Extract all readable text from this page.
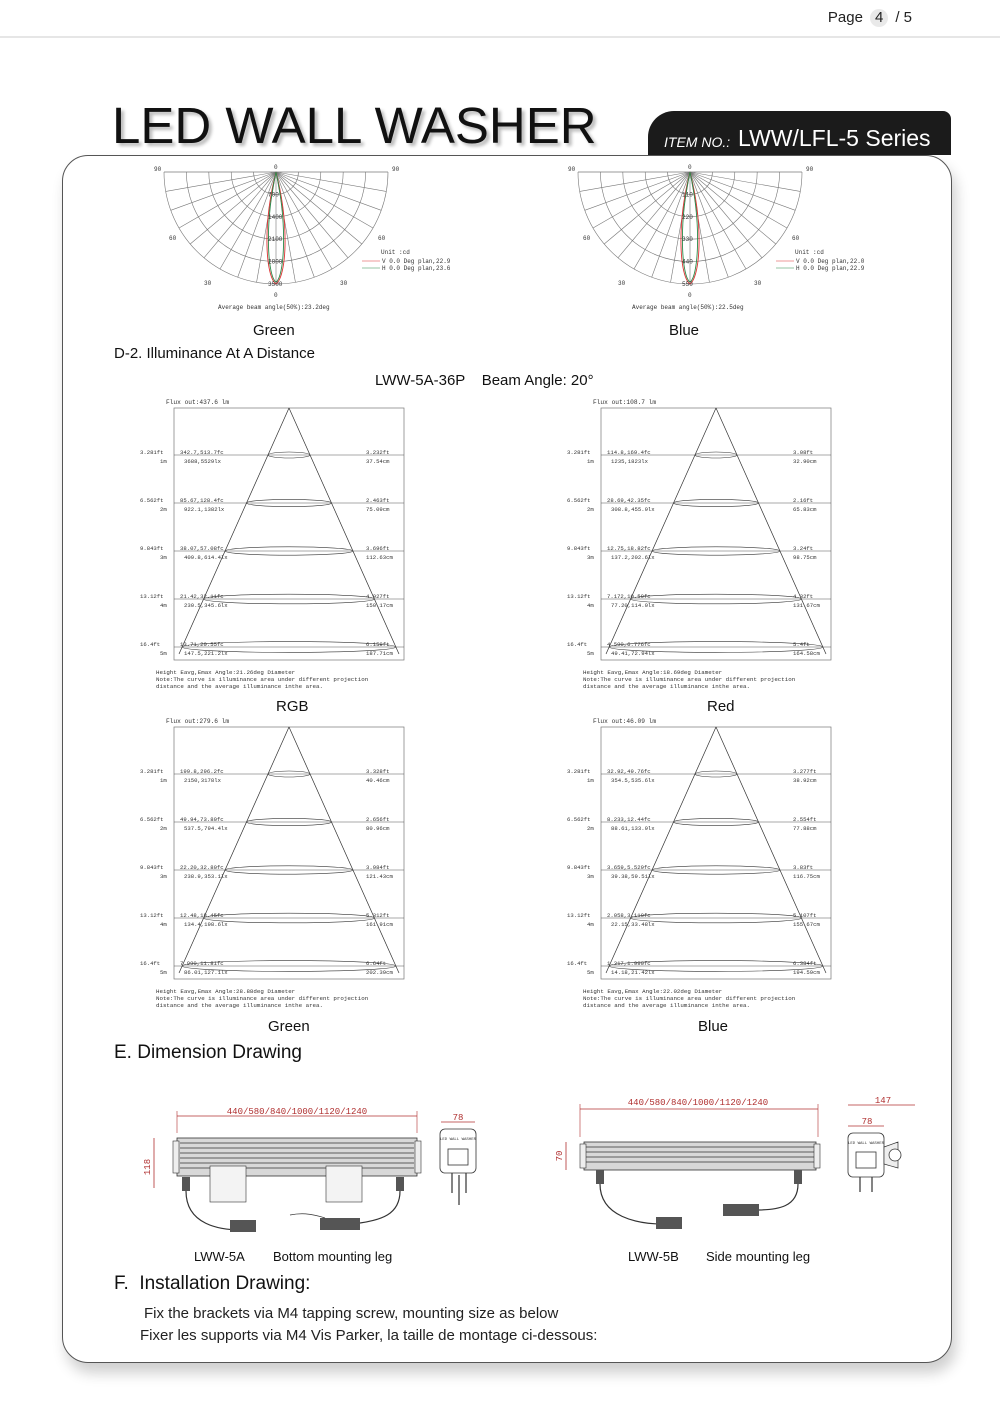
Page 4 / 5
LED WALL WASHER	ITEM NO.: LWW/LFL-5 Series
0
90	90
60	60
30	30
700
1400
2100
2800
3500
0
Unit :cd
V 0.0 Deg plan,22.9
H 0.0 Deg plan,23.6
Average beam angle(50%):23.2deg
0
90	90
60	60
30	30
110
220
330
440
550
0
Unit :cd
V 0.0 Deg plan,22.0
H 0.0 Deg plan,22.9
Average beam angle(50%):22.5deg
Green	Blue
D-2. Illuminance At A Distance
LWW-5A-36P    Beam Angle: 20°
Flux out:437.6 lm
3.281ft
1m
342.7,513.7fc
3688,5529lx
3.232ft
37.54cm
6.562ft
2m
85.67,128.4fc
922.1,1382lx
2.463ft
75.09cm
9.843ft
3m
38.07,57.08fc
409.8,614.4lx
3.696ft
112.63cm
13.12ft
4m
21.42,32.11fc
230.5,345.6lx
4.927ft
150.17cm
16.4ft
5m
13.71,20.55fc
147.5,221.2lx
6.159ft
187.71cm
Height Eavg,Emax Angle:21.26deg Diameter
Note:The curve is illuminance area under different projection
distance and the average illuminance inthe area.
Flux out:108.7 lm
3.281ft
1m
114.8,169.4fc
1235,1823lx
3.08ft
32.90cm
6.562ft
2m
28.69,42.35fc
308.8,455.9lx
2.16ft
65.83cm
9.843ft
3m
12.75,18.82fc
137.2,202.6lx
3.24ft
98.75cm
13.12ft
4m
7.172,10.59fc
77.20,114.0lx
4.32ft
131.67cm
16.4ft
5m
4.590,6.776fc
49.41,72.94lx
5.4ft
164.58cm
Height Eavg,Emax Angle:18.69deg Diameter
Note:The curve is illuminance area under different projection
distance and the average illuminance inthe area.
Flux out:279.6 lm
3.281ft
1m
199.8,296.2fc
2150,3178lx
3.328ft
40.46cm
6.562ft
2m
49.94,73.80fc
537.5,794.4lx
2.656ft
80.96cm
9.843ft
3m
22.20,32.80fc
238.9,353.1lx
3.984ft
121.43cm
13.12ft
4m
12.48,18.45fc
134.4,198.6lx
5.312ft
161.91cm
16.4ft
5m
7.990,11.81fc
86.01,127.1lx
6.64ft
202.39cm
Height Eavg,Emax Angle:28.88deg Diameter
Note:The curve is illuminance area under different projection
distance and the average illuminance inthe area.
Flux out:46.09 lm
3.281ft
1m
32.92,49.76fc
354.5,535.6lx
3.277ft
38.92cm
6.562ft
2m
8.233,12.44fc
88.61,133.9lx
2.554ft
77.88cm
9.843ft
3m
3.659,5.529fc
39.38,59.51lx
3.83ft
116.75cm
13.12ft
4m
2.058,3.110fc
22.15,33.48lx
5.107ft
155.67cm
16.4ft
5m
1.317,1.990fc
14.18,21.42lx
6.384ft
194.59cm
Height Eavg,Emax Angle:22.02deg Diameter
Note:The curve is illuminance area under different projection
distance and the average illuminance inthe area.
RGB	Red
Green	Blue
E. Dimension Drawing
440/580/840/1000/1120/1240
118
78
LED WALL WASHER
LWW-5A Bottom mounting leg
440/580/840/1000/1120/1240
70
147
78
LED WALL WASHER
LWW-5B Side mounting leg
F.  Installation Drawing:
Fix the brackets via M4 tapping screw, mounting size as below
Fixer les supports via M4 Vis Parker, la taille de montage ci-dessous:
